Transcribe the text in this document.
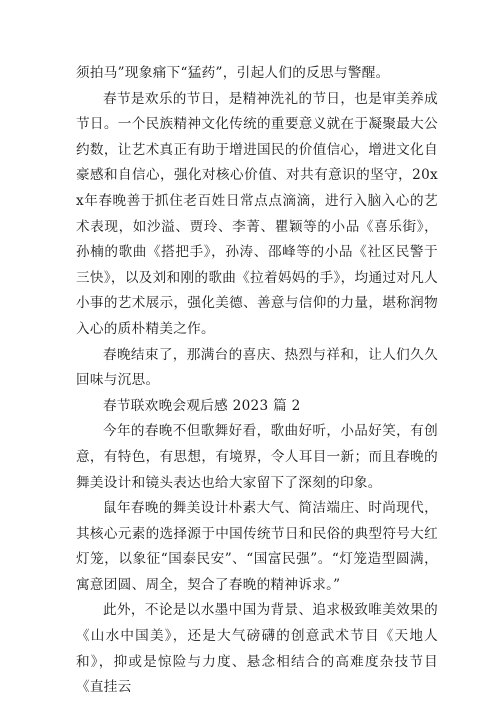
须拍马”现象痛下“猛药”，引起人们的反思与警醒。

春节是欢乐的节日，是精神洗礼的节日，也是审美养成节日。一个民族精神文化传统的重要意义就在于凝聚最大公约数，让艺术真正有助于增进国民的价值信心，增进文化自豪感和自信心，强化对核心价值、对共有意识的坚守，20xx年春晚善于抓住老百姓日常点点滴滴，进行入脑入心的艺术表现，如沙溢、贾玲、李菁、瞿颖等的小品《喜乐街》，孙楠的歌曲《搭把手》，孙涛、邵峰等的小品《社区民警于三快》，以及刘和刚的歌曲《拉着妈妈的手》，均通过对凡人小事的艺术展示，强化美德、善意与信仰的力量，堪称润物入心的质朴精美之作。

春晚结束了，那满台的喜庆、热烈与祥和，让人们久久回味与沉思。

春节联欢晚会观后感 2023 篇 2

今年的春晚不但歌舞好看，歌曲好听，小品好笑，有创意，有特色，有思想，有境界，令人耳目一新；而且春晚的舞美设计和镜头表达也给大家留下了深刻的印象。

鼠年春晚的舞美设计朴素大气、简洁端庄、时尚现代，其核心元素的选择源于中国传统节日和民俗的典型符号大红灯笼，以象征“国泰民安”、“国富民强”。“灯笼造型圆满，寓意团圆、周全，契合了春晚的精神诉求。”

此外，不论是以水墨中国为背景、追求极致唯美效果的《山水中国美》，还是大气磅礴的创意武术节目《天地人和》，抑或是惊险与力度、悬念相结合的高难度杂技节目《直挂云
